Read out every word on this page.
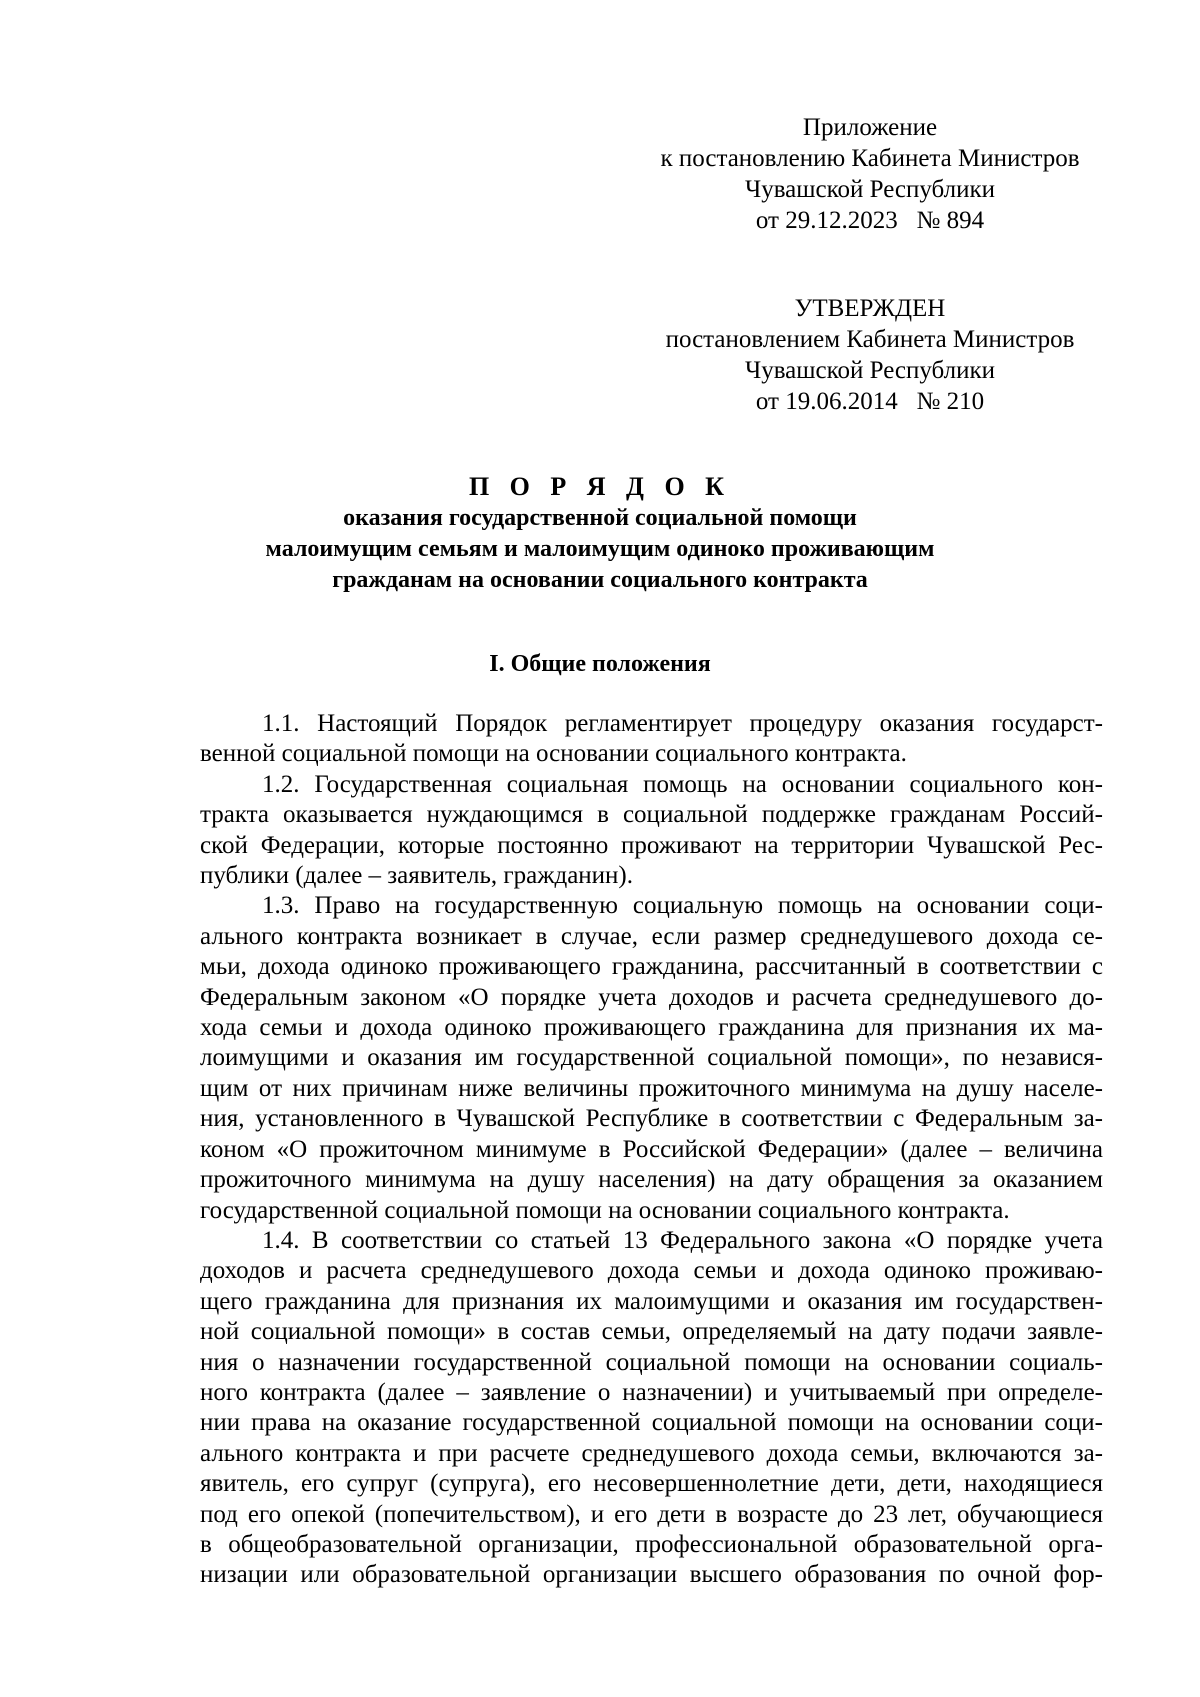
Приложение
к постановлению Кабинета Министров
Чувашской Республики
от 29.12.2023   № 894
УТВЕРЖДЕН
постановлением Кабинета Министров
Чувашской Республики
от 19.06.2014   № 210
П О Р Я Д О К
оказания государственной социальной помощи
малоимущим семьям и малоимущим одиноко проживающим
гражданам на основании социального контракта
I. Общие положения
1.1. Настоящий Порядок регламентирует процедуру оказания государст-
венной социальной помощи на основании социального контракта.
1.2. Государственная социальная помощь на основании социального кон-
тракта оказывается нуждающимся в социальной поддержке гражданам Россий-
ской Федерации, которые постоянно проживают на территории Чувашской Рес-
публики (далее – заявитель, гражданин).
1.3. Право на государственную социальную помощь на основании соци-
ального контракта возникает в случае, если размер среднедушевого дохода се-
мьи, дохода одиноко проживающего гражданина, рассчитанный в соответствии с
Федеральным законом «О порядке учета доходов и расчета среднедушевого до-
хода семьи и дохода одиноко проживающего гражданина для признания их ма-
лоимущими и оказания им государственной социальной помощи», по независя-
щим от них причинам ниже величины прожиточного минимума на душу населе-
ния, установленного в Чувашской Республике в соответствии с Федеральным за-
коном «О прожиточном минимуме в Российской Федерации» (далее – величина
прожиточного минимума на душу населения) на дату обращения за оказанием
государственной социальной помощи на основании социального контракта.
1.4. В соответствии со статьей 13 Федерального закона «О порядке учета
доходов и расчета среднедушевого дохода семьи и дохода одиноко проживаю-
щего гражданина для признания их малоимущими и оказания им государствен-
ной социальной помощи» в состав семьи, определяемый на дату подачи заявле-
ния о назначении государственной социальной помощи на основании социаль-
ного контракта (далее – заявление о назначении) и учитываемый при определе-
нии права на оказание государственной социальной помощи на основании соци-
ального контракта и при расчете среднедушевого дохода семьи, включаются за-
явитель, его супруг (супруга), его несовершеннолетние дети, дети, находящиеся
под его опекой (попечительством), и его дети в возрасте до 23 лет, обучающиеся
в общеобразовательной организации, профессиональной образовательной орга-
низации или образовательной организации высшего образования по очной фор-
